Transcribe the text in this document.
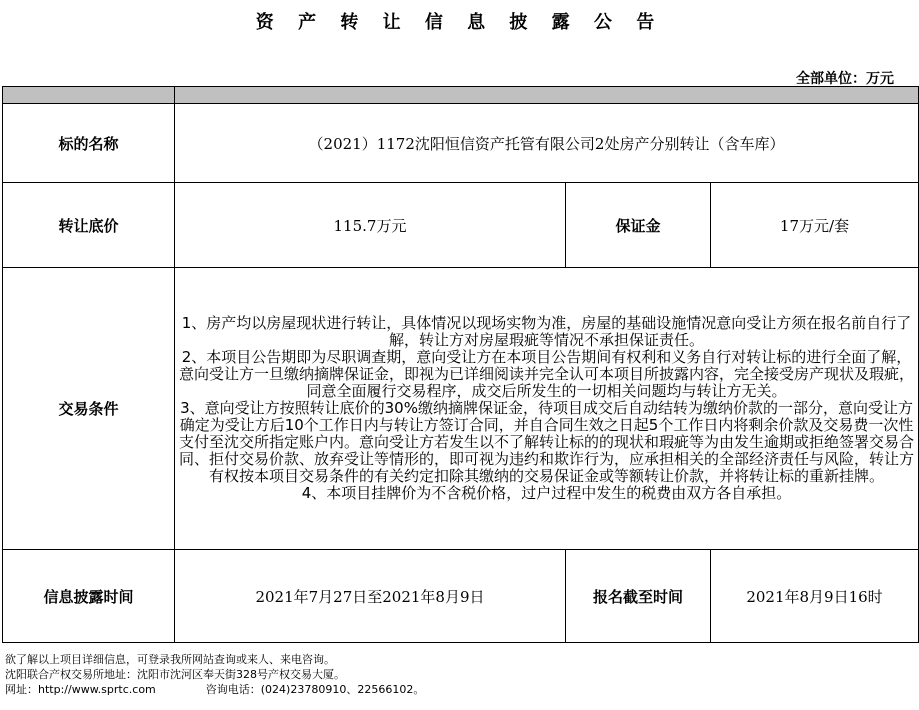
资 产 转 让 信 息 披 露 公 告
全部单位：万元

标的名称	（2021）1172沈阳恒信资产托管有限公司2处房产分别转让（含车库）		
转让底价	115.7万元	保证金	17万元/套
交易条件	1、房产均以房屋现状进行转让，具体情况以现场实物为准，房屋的基础设施情况意向受让方须在报名前自行了解，转让方对房屋瑕疵等情况不承担保证责任。
2、本项目公告期即为尽职调查期，意向受让方在本项目公告期间有权利和义务自行对转让标的进行全面了解，意向受让方一旦缴纳摘牌保证金，即视为已详细阅读并完全认可本项目所披露内容，完全接受房产现状及瑕疵，同意全面履行交易程序，成交后所发生的一切相关问题均与转让方无关。
3、意向受让方按照转让底价的30%缴纳摘牌保证金，待项目成交后自动结转为缴纳价款的一部分，意向受让方确定为受让方后10个工作日内与转让方签订合同，并自合同生效之日起5个工作日内将剩余价款及交易费一次性支付至沈交所指定账户内。意向受让方若发生以不了解转让标的的现状和瑕疵等为由发生逾期或拒绝签署交易合同、拒付交易价款、放弃受让等情形的，即可视为违约和欺诈行为，应承担相关的全部经济责任与风险，转让方有权按本项目交易条件的有关约定扣除其缴纳的交易保证金或等额转让价款，并将转让标的重新挂牌。
4、本项目挂牌价为不含税价格，过户过程中发生的税费由双方各自承担。		

信息披露时间	2021年7月27日至2021年8月9日	报名截至时间	2021年8月9日16时
欲了解以上项目详细信息，可登录我所网站查询或来人、来电咨询。
沈阳联合产权交易所地址：沈阳市沈河区奉天街328号产权交易大厦。
网址：http://www.sprtc.com	咨询电话：(024)23780910、22566102。
